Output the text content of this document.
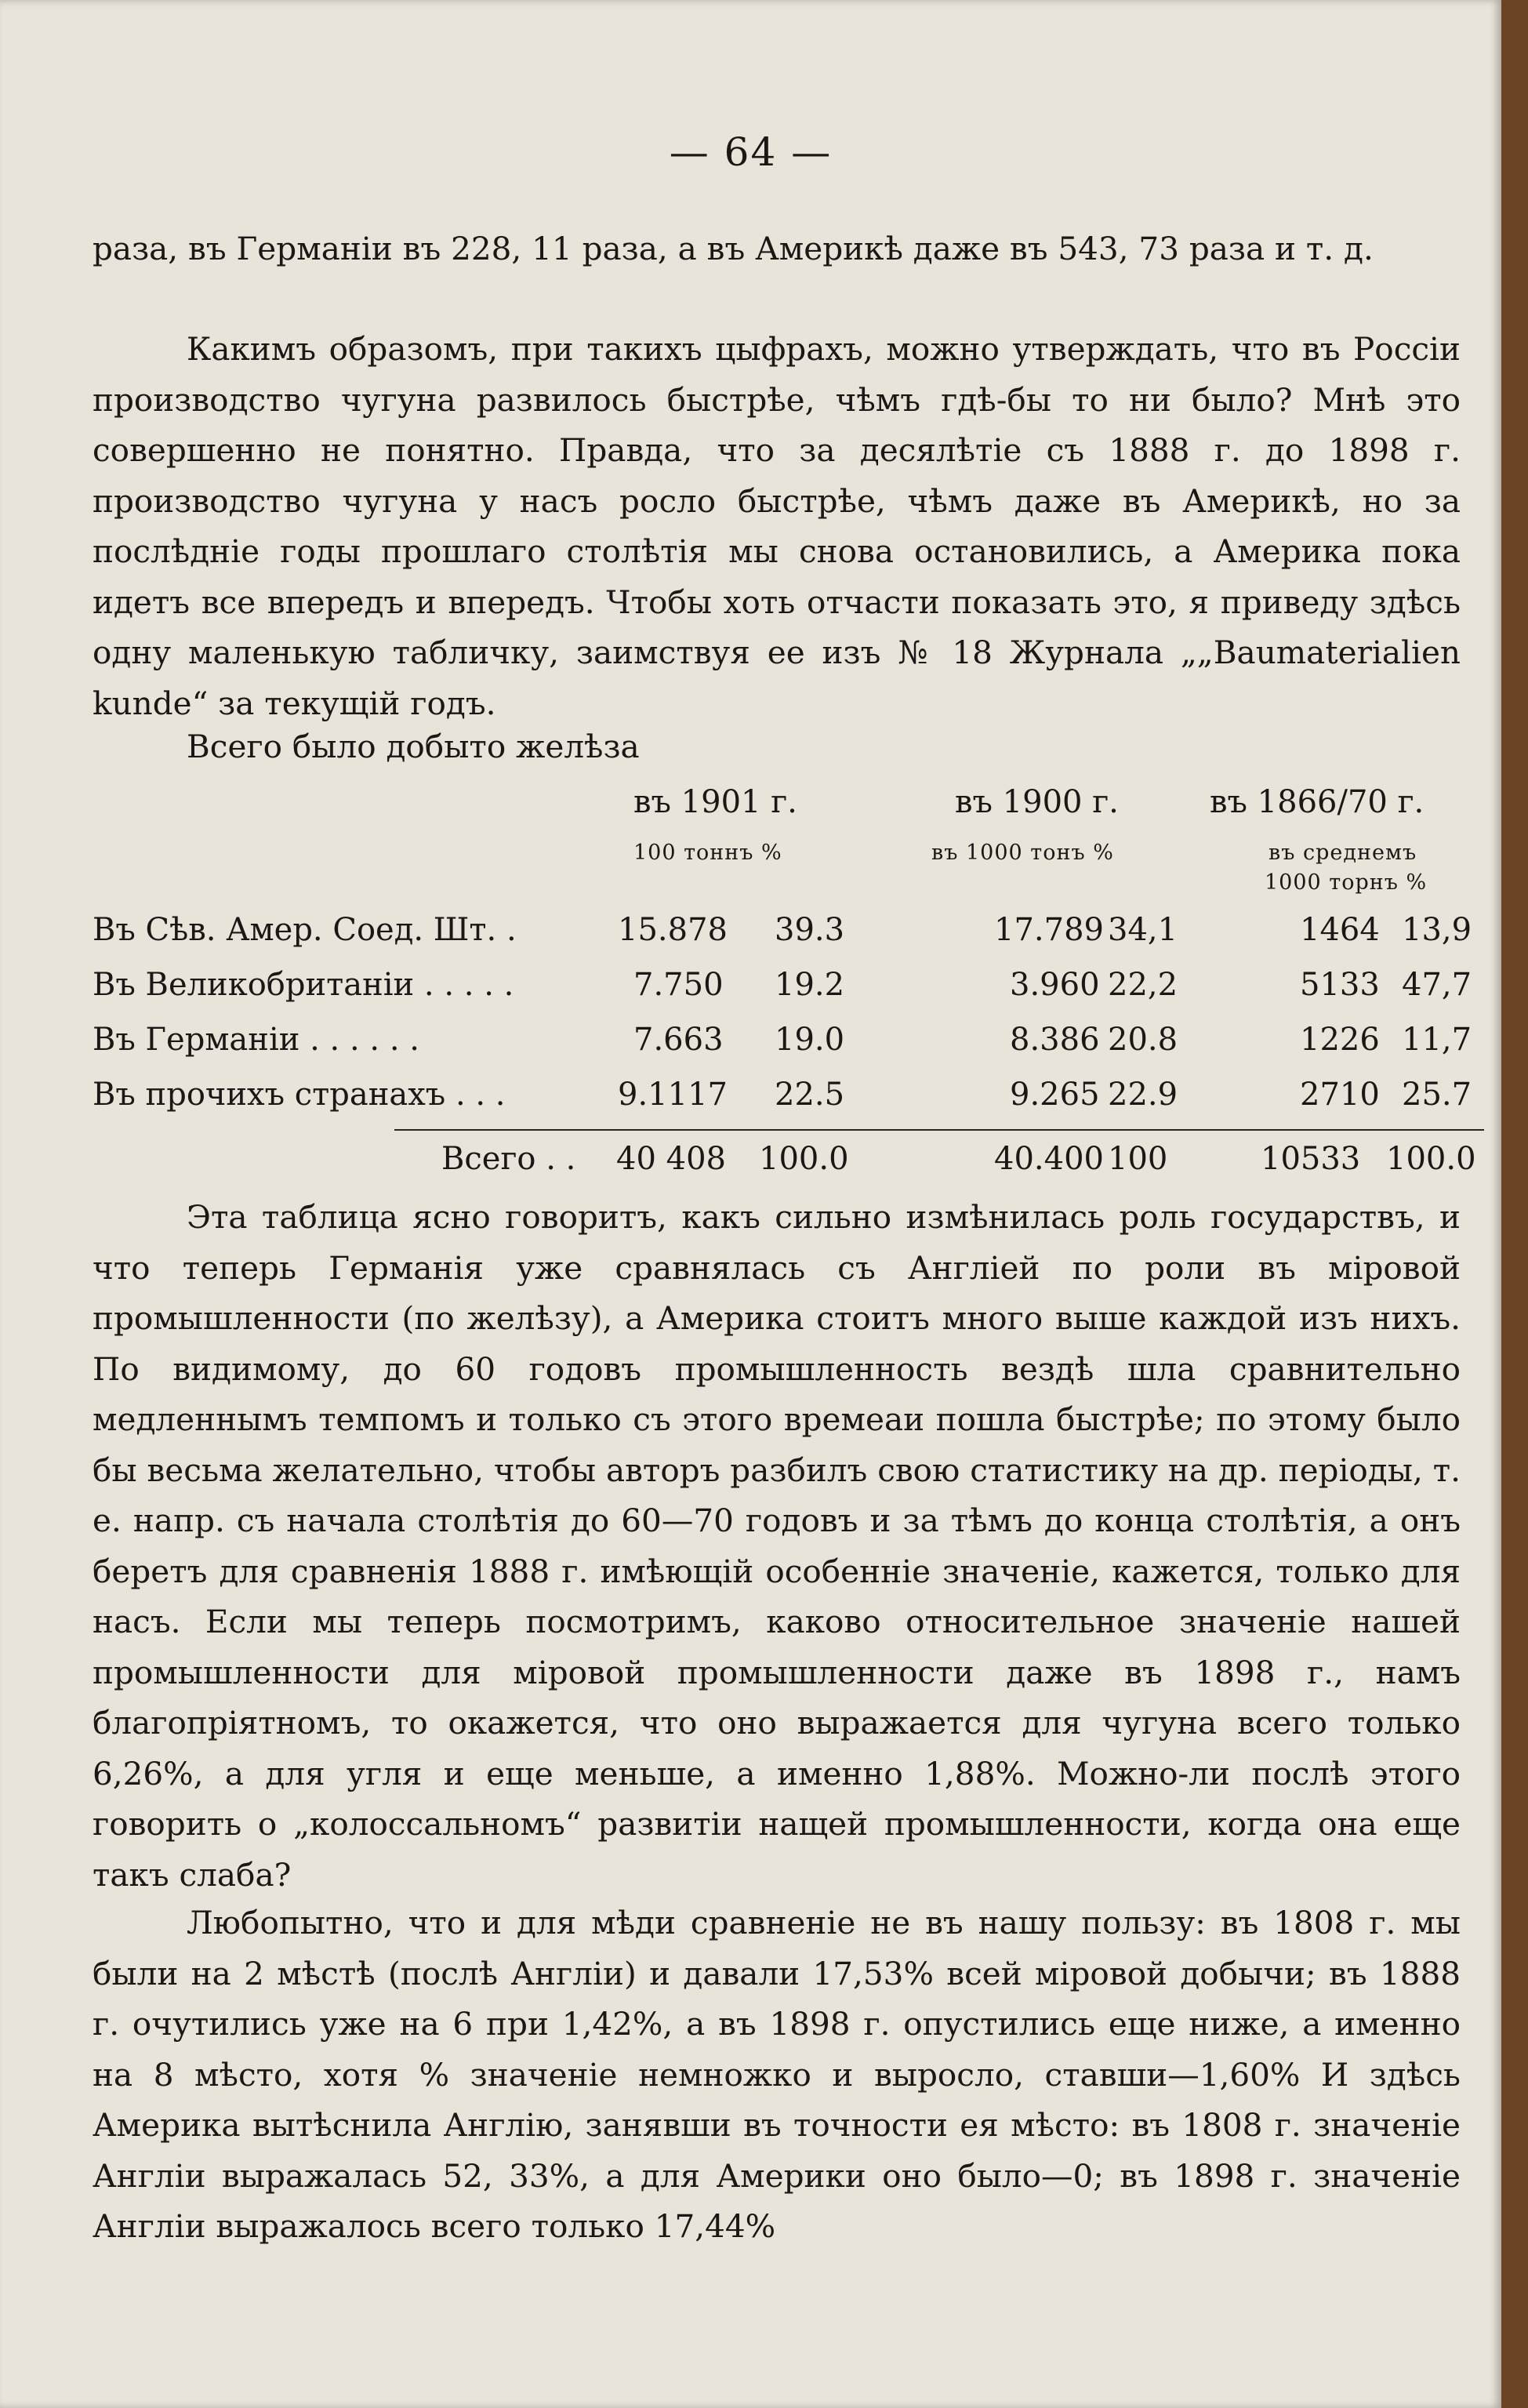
— 64 —

раза, въ Германіи въ 228, 11 раза, а въ Америкѣ даже въ 543, 73 раза и т. д.

Какимъ образомъ, при такихъ цыфрахъ, можно утверждать, что въ Россіи производство чугуна развилось быстрѣе, чѣмъ гдѣ-бы то ни было? Мнѣ это совершенно не понятно. Правда, что за десялѣтіе съ 1888 г. до 1898 г. производство чугуна у насъ росло быстрѣе, чѣмъ даже въ Америкѣ, но за послѣдніе годы прошлаго столѣтія мы снова остановились, а Америка пока идетъ все впередъ и впередъ. Чтобы хоть отчасти показать это, я приведу здѣсь одну маленькую табличку, заимствуя ее изъ № 18 Журнала „„Baumaterialien kunde“ за текущій годъ.

Всего было добыто желѣза
въ 1901 г.	въ 1900 г.	въ 1866/70 г.
100 тоннъ %	въ 1000 тонъ %	въ среднемъ
1000 торнъ %
Въ Сѣв. Амер. Соед. Шт. .	15.878 39.3	17.789 34,1	1464 13,9
Въ Великобританіи . . . . .	7.750 19.2	3.960 22,2	5133 47,7
Въ Германіи . . . . . .	7.663 19.0	8.386 20.8	1226 11,7
Въ прочихъ странахъ . . .	9.1117 22.5	9.265 22.9	2710 25.7
Всего . . 40 408 100.0	40.400 100	10533 100.0

Эта таблица ясно говоритъ, какъ сильно измѣнилась роль государствъ, и что теперь Германія уже сравнялась съ Англіей по роли въ міровой промышленности (по желѣзу), а Америка стоитъ много выше каждой изъ нихъ. По видимому, до 60 годовъ промышленность вездѣ шла сравнительно медленнымъ темпомъ и только съ этого времеаи пошла быстрѣе; по этому было бы весьма желательно, чтобы авторъ разбилъ свою статистику на др. періоды, т. е. напр. съ начала столѣтія до 60—70 годовъ и за тѣмъ до конца столѣтія, а онъ беретъ для сравненія 1888 г. имѣющій особенніе значеніе, кажется, только для насъ. Если мы теперь посмотримъ, каково относительное значеніе нашей промышленности для міровой промышленности даже въ 1898 г., намъ благопріятномъ, то окажется, что оно выражается для чугуна всего только 6,26%, а для угля и еще меньше, а именно 1,88%. Можно-ли послѣ этого говорить о „колоссальномъ“ развитіи нащей промышленности, когда она еще такъ слаба?

Любопытно, что и для мѣди сравненіе не въ нашу пользу: въ 1808 г. мы были на 2 мѣстѣ (послѣ Англіи) и давали 17,53% всей міровой добычи; въ 1888 г. очутились уже на 6 при 1,42%, а въ 1898 г. опустились еще ниже, а именно на 8 мѣсто, хотя % значеніе немножко и выросло, ставши—1,60% И здѣсь Америка вытѣснила Англію, занявши въ точности ея мѣсто: въ 1808 г. значеніе Англіи выражалась 52, 33%, а для Америки оно было—0; въ 1898 г. значеніе Англіи выражалось всего только 17,44%
